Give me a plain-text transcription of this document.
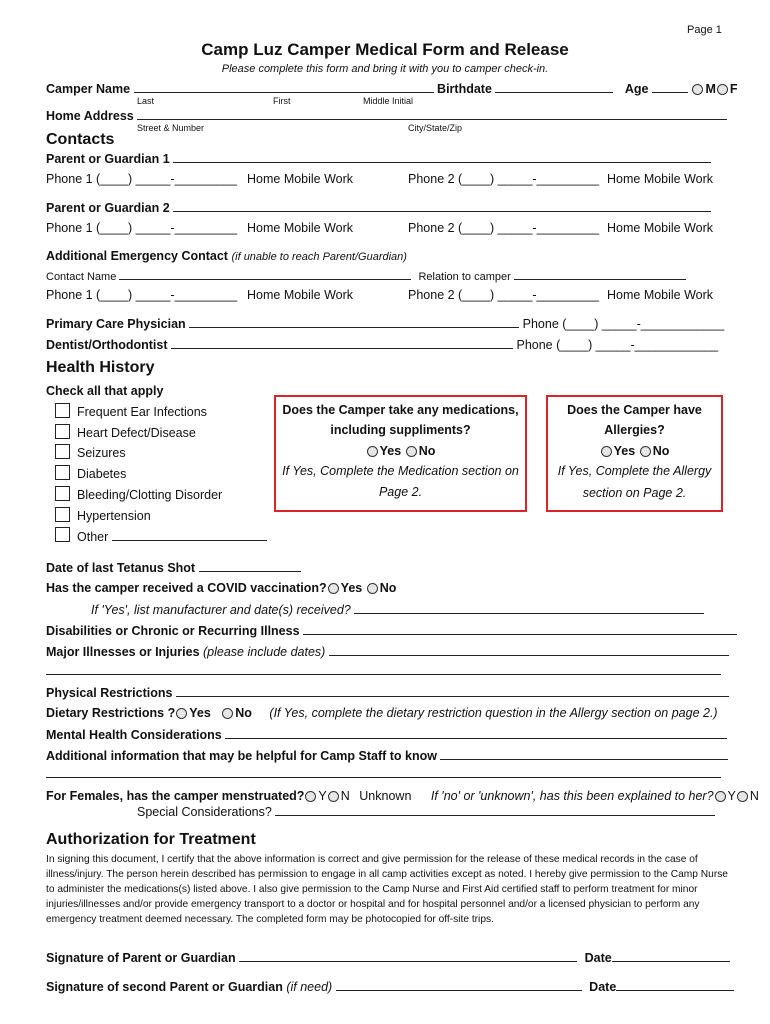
Page 1
Camp Luz Camper Medical Form and Release
Please complete this form and bring it with you to camper check-in.
Camper Name	Birthdate	Age	M F
Last	First	Middle Initial
Home Address
Street & Number	City/State/Zip
Contacts
Parent or Guardian 1
Phone 1 (____) _____-_________ Home Mobile Work	Phone 2 (____) _____-_________ Home Mobile Work
Parent or Guardian 2
Phone 1 (____) _____-_________ Home Mobile Work	Phone 2 (____) _____-_________ Home Mobile Work
Additional Emergency Contact (if unable to reach Parent/Guardian)
Contact Name	Relation to camper
Phone 1 (____) _____-_________ Home Mobile Work	Phone 2 (____) _____-_________ Home Mobile Work
Primary Care Physician	Phone (____) _____-____________
Dentist/Orthodontist	Phone (____) _____-____________
Health History
Check all that apply
Frequent Ear Infections
Heart Defect/Disease
Seizures
Diabetes
Bleeding/Clotting Disorder
Hypertension
Other
Does the Camper take any medications,
including suppliments?
Yes No
If Yes, Complete the Medication section on
Page 2.
Does the Camper have
Allergies?
Yes No
If Yes, Complete the Allergy
section on Page 2.
Date of last Tetanus Shot
Has the camper received a COVID vaccination? Yes No
If 'Yes', list manufacturer and date(s) received?
Disabilities or Chronic or Recurring Illness
Major Illnesses or Injuries (please include dates)
Physical Restrictions
Dietary Restrictions ? Yes No (If Yes, complete the dietary restriction question in the Allergy section on page 2.)
Mental Health Considerations
Additional information that may be helpful for Camp Staff to know
For Females, has the camper menstruated? Y N Unknown If 'no' or 'unknown', has this been explained to her? Y N
Special Considerations?
Authorization for Treatment
In signing this document, I certify that the above information is correct and give permission for the release of these medical records in the case of illness/injury. The person herein described has permission to engage in all camp activities except as noted. I hereby give permission to the Camp Nurse to administer the medications(s) listed above. I also give permission to the Camp Nurse and First Aid certified staff to perform treatment for minor injuries/illnesses and/or provide emergency transport to a doctor or hospital and for hospital personnel and/or a licensed physician to perform any emergency treatment deemed necessary. The completed form may be photocopied for off-site trips.
Signature of Parent or Guardian	Date
Signature of second Parent or Guardian (if need)	Date
